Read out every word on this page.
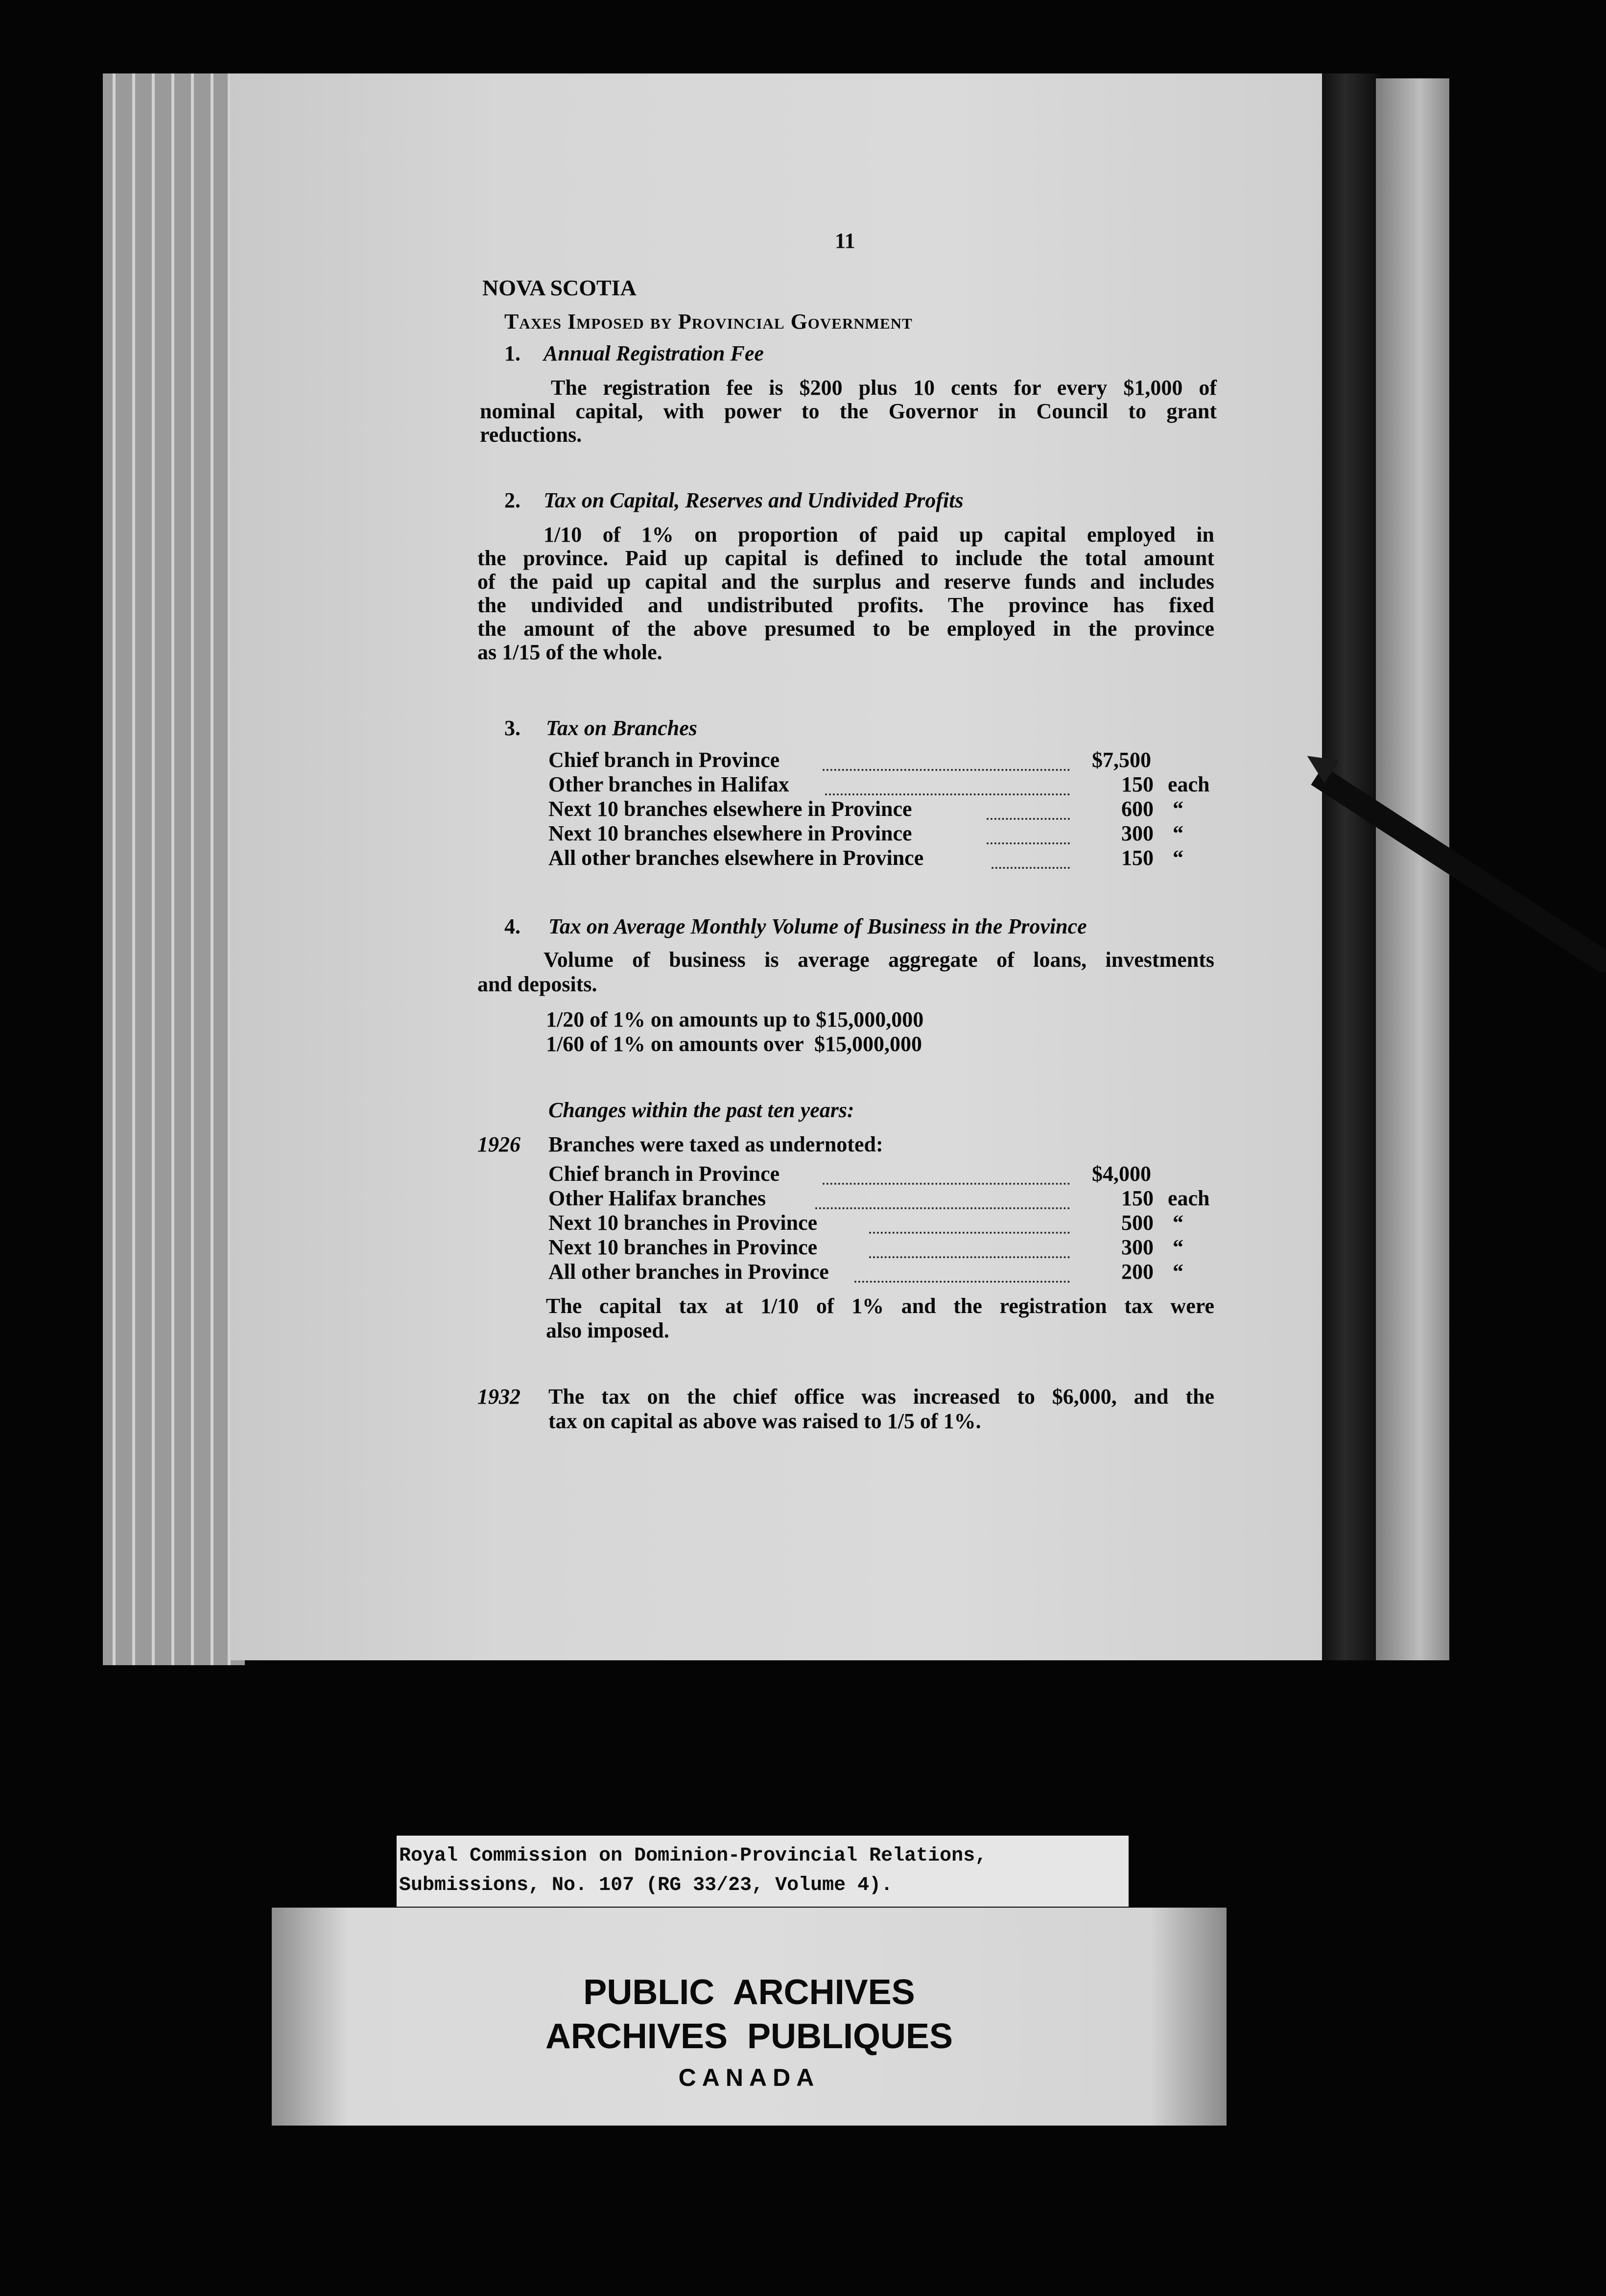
11
NOVA SCOTIA
Taxes Imposed by Provincial Government
1. Annual Registration Fee
The registration fee is $200 plus 10 cents for every $1,000 of
nominal capital, with power to the Governor in Council to grant
reductions.
2. Tax on Capital, Reserves and Undivided Profits
1/10 of 1% on proportion of paid up capital employed in
the province. Paid up capital is defined to include the total amount
of the paid up capital and the surplus and reserve funds and includes
the undivided and undistributed profits. The province has fixed
the amount of the above presumed to be employed in the province
as 1/15 of the whole.
3. Tax on Branches
Chief branch in Province	$7,500
Other branches in Halifax	150 each
Next 10 branches elsewhere in Province	600 “
Next 10 branches elsewhere in Province	300 “
All other branches elsewhere in Province	150 “
4. Tax on Average Monthly Volume of Business in the Province
Volume of business is average aggregate of loans, investments
and deposits.
1/20 of 1% on amounts up to $15,000,000
1/60 of 1% on amounts over  $15,000,000
Changes within the past ten years:
1926 Branches were taxed as undernoted:
Chief branch in Province	$4,000
Other Halifax branches	150 each
Next 10 branches in Province	500 “
Next 10 branches in Province	300 “
All other branches in Province	200 “
The capital tax at 1/10 of 1% and the registration tax were
also imposed.
1932 The tax on the chief office was increased to $6,000, and the
tax on capital as above was raised to 1/5 of 1%.
Royal Commission on Dominion-Provincial Relations,
Submissions, No. 107 (RG 33/23, Volume 4).
PUBLIC  ARCHIVES
ARCHIVES  PUBLIQUES
CANADA
